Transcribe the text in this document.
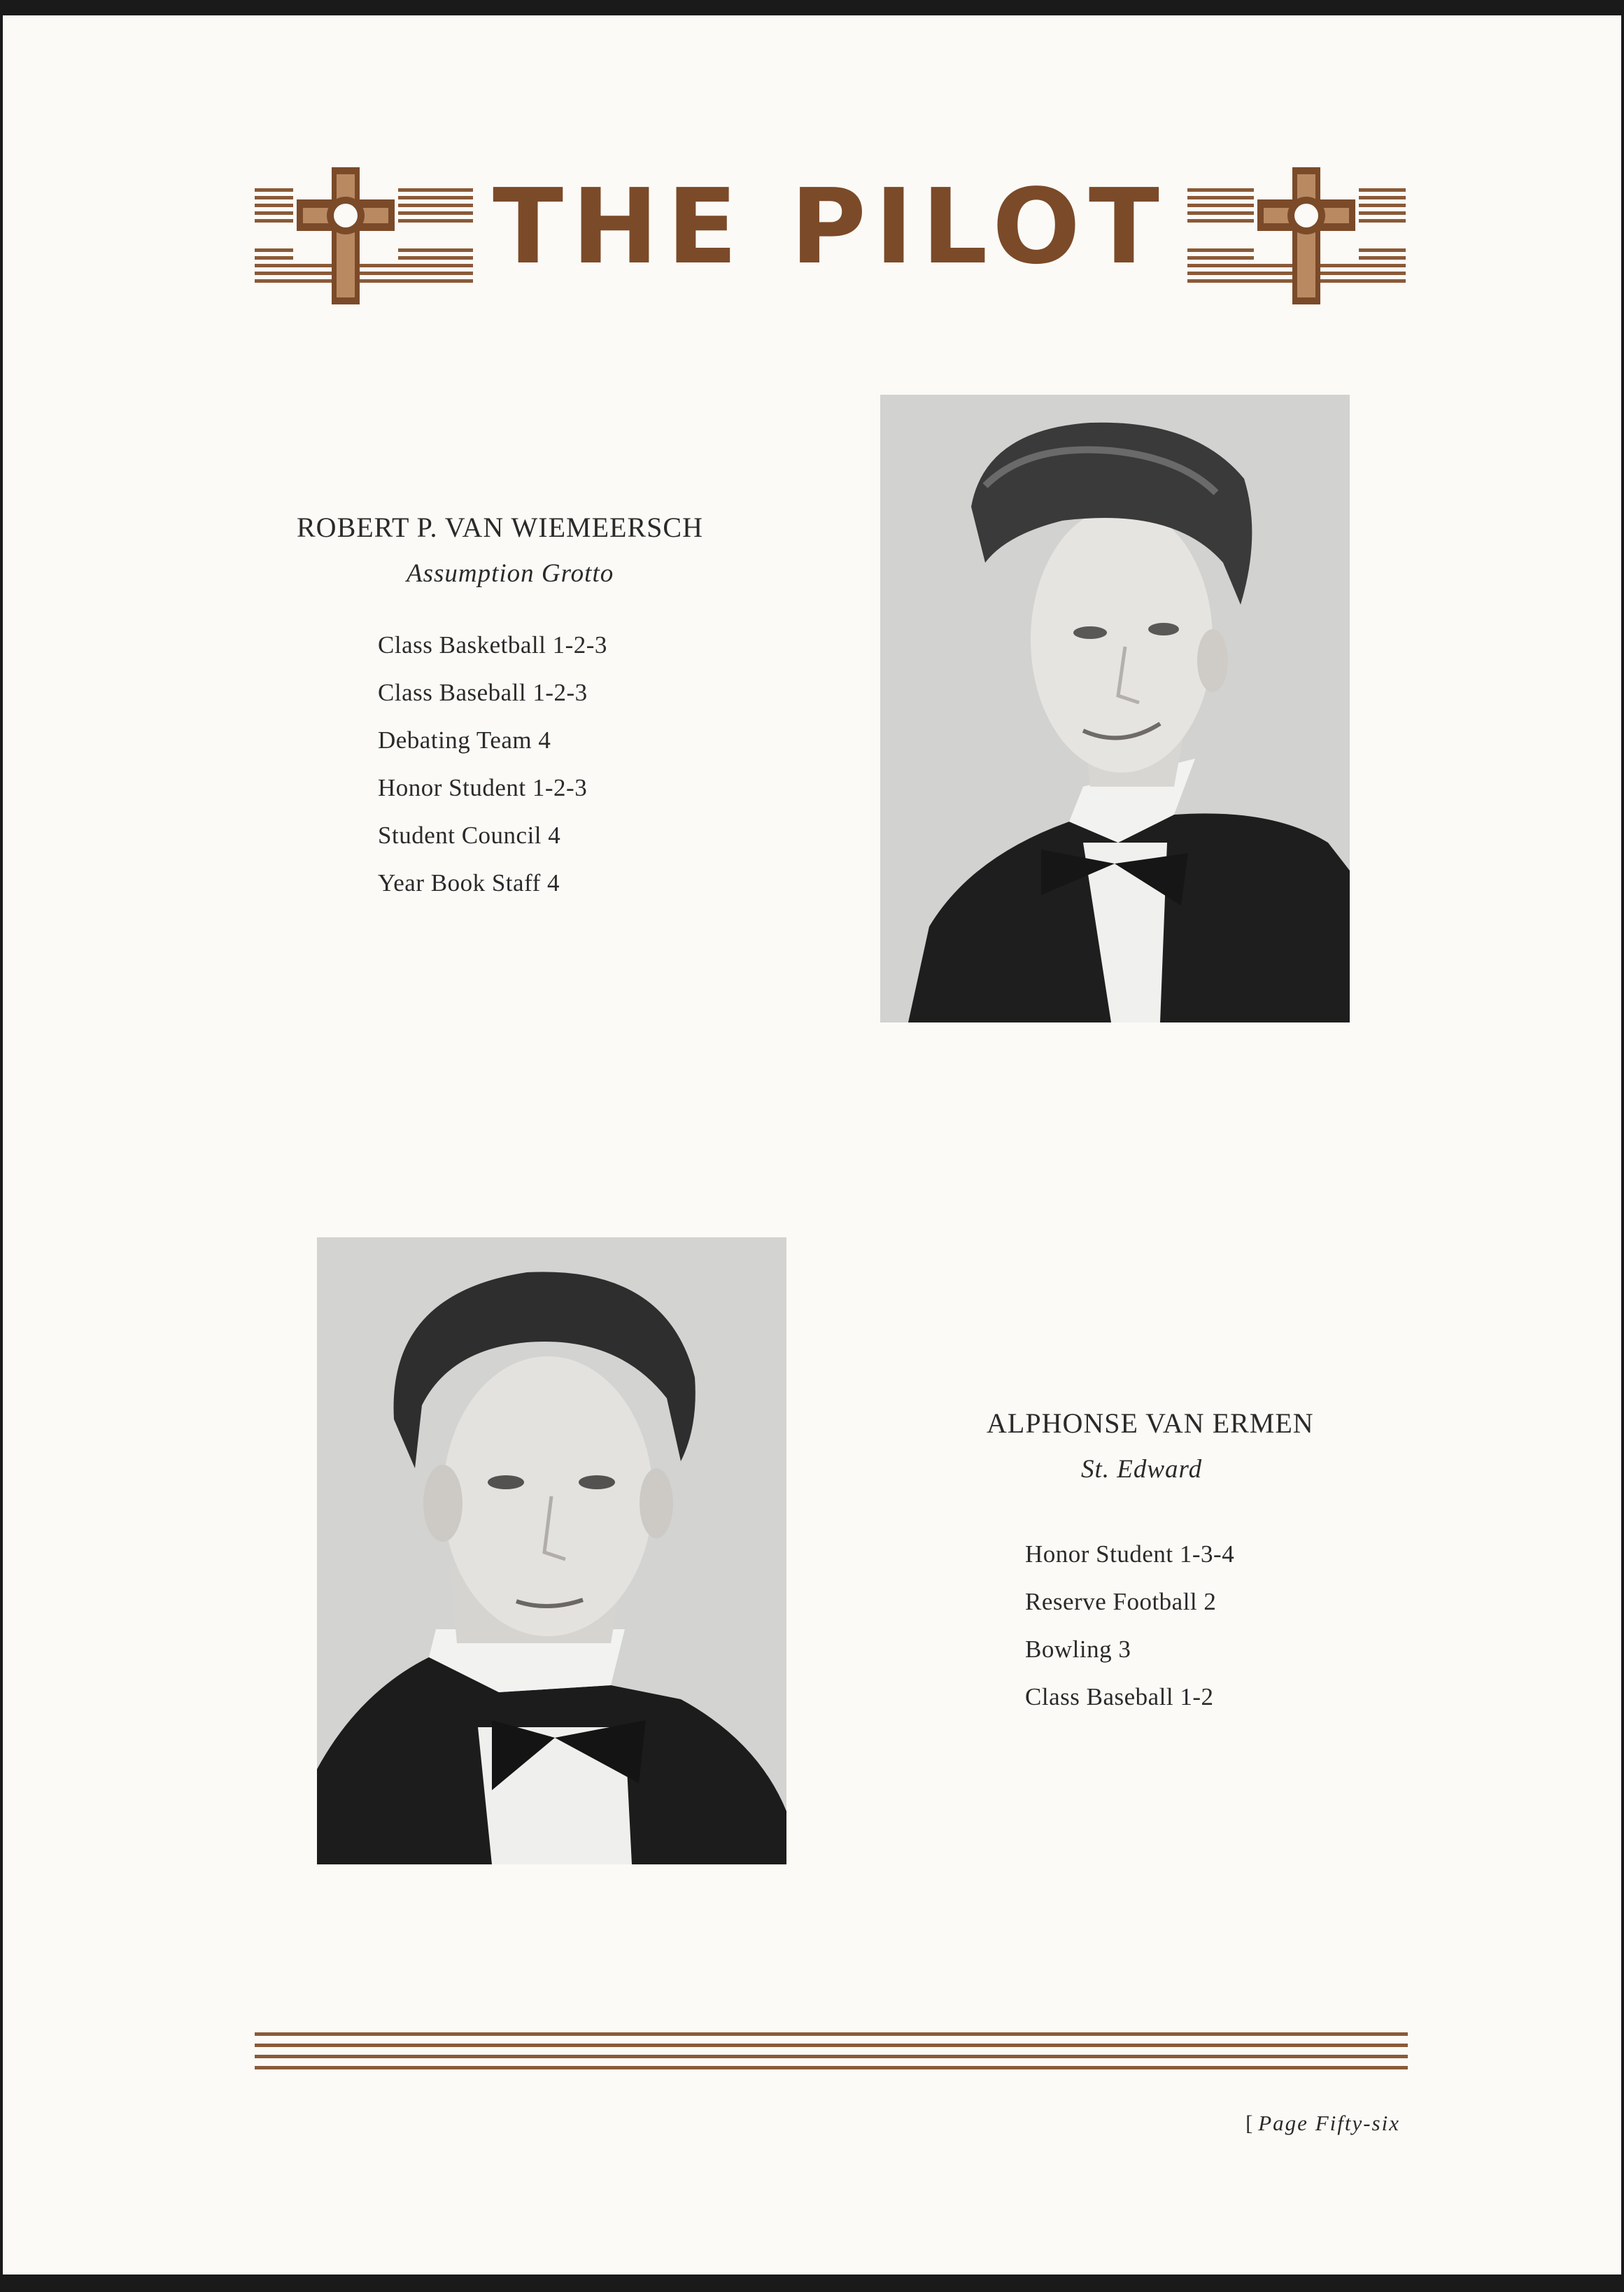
THE PILOT
ROBERT P. VAN WIEMEERSCH
Assumption Grotto
Class Basketball 1-2-3
Class Baseball 1-2-3
Debating Team 4
Honor Student 1-2-3
Student Council 4
Year Book Staff 4
ALPHONSE VAN ERMEN
St. Edward
Honor Student 1-3-4
Reserve Football 2
Bowling 3
Class Baseball 1-2
[ Page Fifty-six
